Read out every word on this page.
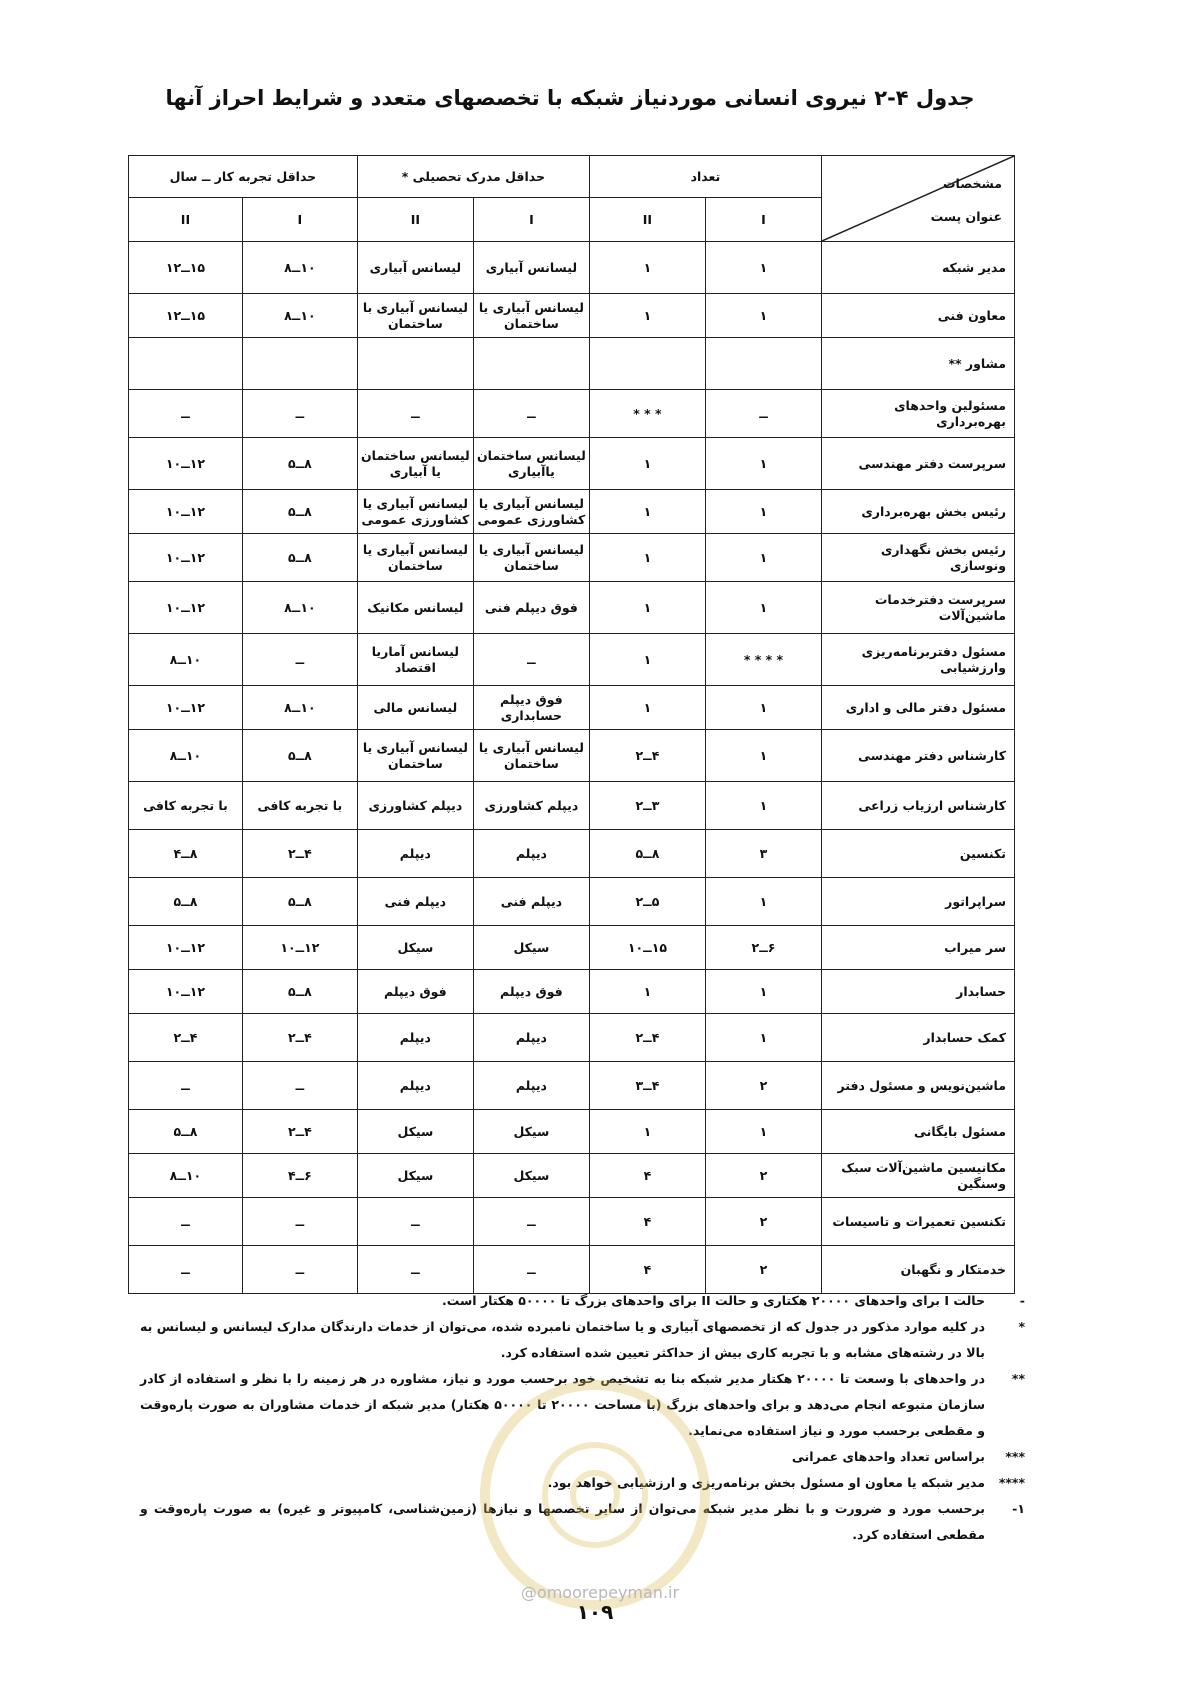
جدول ۴-۲ نیروی انسانی موردنیاز شبکه با تخصصهای متعدد و شرایط احراز آنها
مشخصات
عنوان پست	تعداد		حداقل مدرک تحصیلی *		حداقل تجربه کار ــ سال	
	I	II	I	II	I	II
مدیر شبکه	۱	۱	لیسانس آبیاری	لیسانس آبیاری	۱۰ــ۸	۱۵ــ۱۲
معاون فنی	۱	۱	لیسانس آبیاری یا ساختمان	لیسانس آبیاری با ساختمان	۱۰ــ۸	۱۵ــ۱۲
مشاور **						
مسئولین واحدهای بهره‌برداری	ــ	* * *	ــ	ــ	ــ	ــ
سرپرست دفتر مهندسی	۱	۱	لیسانس ساختمان یاآبیاری	لیسانس ساختمان یا آبیاری	۸ــ۵	۱۲ــ۱۰
رئیس بخش بهره‌برداری	۱	۱	لیسانس آبیاری یا کشاورزی عمومی	لیسانس آبیاری یا کشاورزی عمومی	۸ــ۵	۱۲ــ۱۰
رئیس بخش نگهداری ونوسازی	۱	۱	لیسانس آبیاری یا ساختمان	لیسانس آبیاری یا ساختمان	۸ــ۵	۱۲ــ۱۰
سرپرست دفترخدمات ماشین‌آلات	۱	۱	فوق دیپلم فنی	لیسانس مکانیک	۱۰ــ۸	۱۲ــ۱۰
مسئول دفتربرنامه‌ریزی وارزشیابی	* * * *	۱	ــ	لیسانس آماریا اقتصاد	ــ	۱۰ــ۸
مسئول دفتر مالی و اداری	۱	۱	فوق دیپلم حسابداری	لیسانس مالی	۱۰ــ۸	۱۲ــ۱۰
کارشناس دفتر مهندسی	۱	۴ــ۲	لیسانس آبیاری یا ساختمان	لیسانس آبیاری یا ساختمان	۸ــ۵	۱۰ــ۸
کارشناس ارزیاب زراعی	۱	۳ــ۲	دیپلم کشاورزی	دیپلم کشاورزی	با تجربه کافی	با تجربه کافی
تکنسین	۳	۸ــ۵	دیپلم	دیپلم	۴ــ۲	۸ــ۴
سراپراتور	۱	۵ــ۲	دیپلم فنی	دیپلم فنی	۸ــ۵	۸ــ۵
سر میراب	۶ــ۲	۱۵ــ۱۰	سیکل	سیکل	۱۲ــ۱۰	۱۲ــ۱۰
حسابدار	۱	۱	فوق دیپلم	فوق دیپلم	۸ــ۵	۱۲ــ۱۰
کمک حسابدار	۱	۴ــ۲	دیپلم	دیپلم	۴ــ۲	۴ــ۲
ماشین‌نویس و مسئول دفتر	۲	۴ــ۳	دیپلم	دیپلم	ــ	ــ
مسئول بایگانی	۱	۱	سیکل	سیکل	۴ــ۲	۸ــ۵
مکانیسین ماشین‌آلات سبک وسنگین	۲	۴	سیکل	سیکل	۶ــ۴	۱۰ــ۸
تکنسین تعمیرات و تاسیسات	۲	۴	ــ	ــ	ــ	ــ
خدمتکار و نگهبان	۲	۴	ــ	ــ	ــ	ــ
-
حالت I برای واحدهای ۲۰۰۰۰ هکتاری و حالت II برای واحدهای بزرگ تا ۵۰۰۰۰ هکتار است.
*
در کلیه موارد مذکور در جدول که از تخصصهای آبیاری و یا ساختمان نامبرده شده، می‌توان از خدمات دارندگان مدارک لیسانس و لیسانس به بالا در رشته‌های مشابه و با تجربه کاری بیش از حداکثر تعیین شده استفاده کرد.
**
در واحدهای با وسعت تا ۲۰۰۰۰ هکتار مدیر شبکه بنا به تشخیص خود برحسب مورد و نیاز، مشاوره در هر زمینه را با نظر و استفاده از کادر سازمان متبوعه انجام می‌دهد و برای واحدهای بزرگ (با مساحت ۲۰۰۰۰ تا ۵۰۰۰۰ هکتار) مدیر شبکه از خدمات مشاوران به صورت پاره‌وقت و مقطعی برحسب مورد و نیاز استفاده می‌نماید.
***
براساس تعداد واحدهای عمرانی
****
مدیر شبکه یا معاون او مسئول بخش برنامه‌ریزی و ارزشیابی خواهد بود.
۱-
برحسب مورد و ضرورت و با نظر مدیر شبکه می‌توان از سایر تخصصها و نیازها (زمین‌شناسی، کامپیوتر و غیره) به صورت پاره‌وقت و مقطعی استفاده کرد.
@omoorepeyman.ir
۱۰۹
